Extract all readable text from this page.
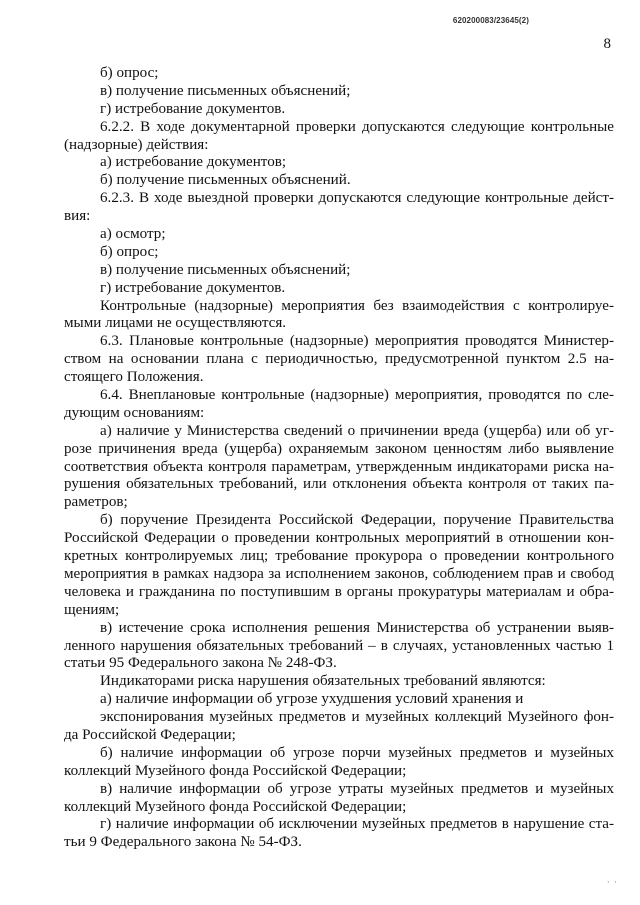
620200083/23645(2)
8
б) опрос;
в) получение письменных объяснений;
г) истребование документов.
6.2.2. В ходе документарной проверки допускаются следующие контрольные
(надзорные) действия:
а) истребование документов;
б) получение письменных объяснений.
6.2.3. В ходе выездной проверки допускаются следующие контрольные дейст-
вия:
а) осмотр;
б) опрос;
в) получение письменных объяснений;
г) истребование документов.
Контрольные (надзорные) мероприятия без взаимодействия с контролируе-
мыми лицами не осуществляются.
6.3. Плановые контрольные (надзорные) мероприятия проводятся Министер-
ством на основании плана с периодичностью, предусмотренной пунктом 2.5 на-
стоящего Положения.
6.4. Внеплановые контрольные (надзорные) мероприятия, проводятся по сле-
дующим основаниям:
а) наличие у Министерства сведений о причинении вреда (ущерба) или об уг-
розе причинения вреда (ущерба) охраняемым законом ценностям либо выявление
соответствия объекта контроля параметрам, утвержденным индикаторами риска на-
рушения обязательных требований, или отклонения объекта контроля от таких па-
раметров;
б) поручение Президента Российской Федерации, поручение Правительства
Российской Федерации о проведении контрольных мероприятий в отношении кон-
кретных контролируемых лиц; требование прокурора о проведении контрольного
мероприятия в рамках надзора за исполнением законов, соблюдением прав и свобод
человека и гражданина по поступившим в органы прокуратуры материалам и обра-
щениям;
в) истечение срока исполнения решения Министерства об устранении выяв-
ленного нарушения обязательных требований – в случаях, установленных частью 1
статьи 95 Федерального закона № 248-ФЗ.
Индикаторами риска нарушения обязательных требований являются:
а) наличие информации об угрозе ухудшения условий хранения и
экспонирования музейных предметов и музейных коллекций Музейного фон-
да Российской Федерации;
б) наличие информации об угрозе порчи музейных предметов и музейных
коллекций Музейного фонда Российской Федерации;
в) наличие информации об угрозе утраты музейных предметов и музейных
коллекций Музейного фонда Российской Федерации;
г) наличие информации об исключении музейных предметов в нарушение ста-
тьи 9 Федерального закона № 54-ФЗ.
· ·
